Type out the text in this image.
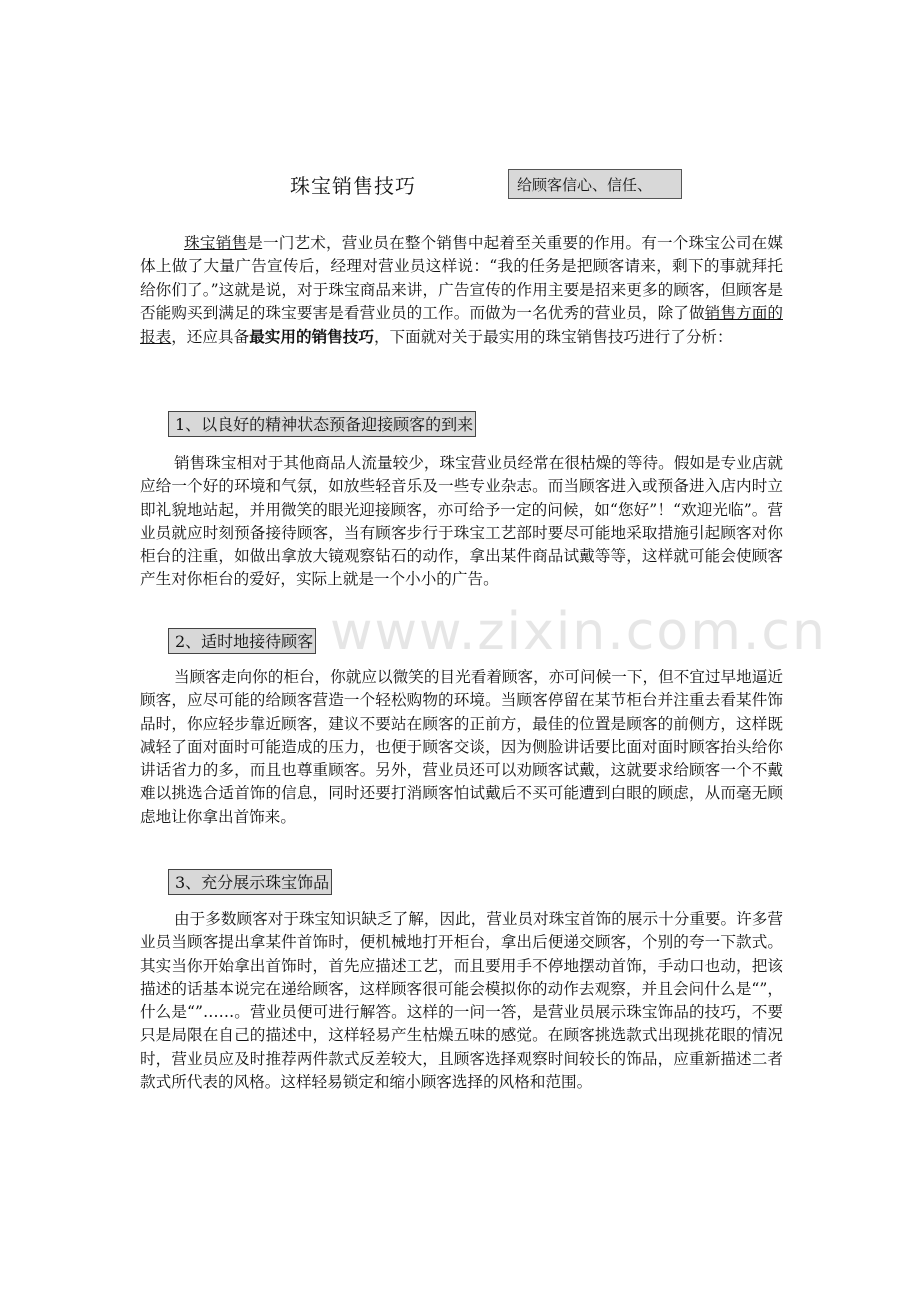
www.zixin.com.cn
珠宝销售技巧	给顾客信心、信任、

珠宝销售是一门艺术，营业员在整个销售中起着至关重要的作用。有一个珠宝公司在媒体上做了大量广告宣传后，经理对营业员这样说：“我的任务是把顾客请来，剩下的事就拜托给你们了。”这就是说，对于珠宝商品来讲，广告宣传的作用主要是招来更多的顾客，但顾客是否能购买到满足的珠宝要害是看营业员的工作。而做为一名优秀的营业员，除了做销售方面的报表，还应具备最实用的销售技巧，下面就对关于最实用的珠宝销售技巧进行了分析：

1、以良好的精神状态预备迎接顾客的到来

销售珠宝相对于其他商品人流量较少，珠宝营业员经常在很枯燥的等待。假如是专业店就应给一个好的环境和气氛，如放些轻音乐及一些专业杂志。而当顾客进入或预备进入店内时立即礼貌地站起，并用微笑的眼光迎接顾客，亦可给予一定的问候，如“您好”！“欢迎光临”。营业员就应时刻预备接待顾客，当有顾客步行于珠宝工艺部时要尽可能地采取措施引起顾客对你柜台的注重，如做出拿放大镜观察钻石的动作，拿出某件商品试戴等等，这样就可能会使顾客产生对你柜台的爱好，实际上就是一个小小的广告。

2、适时地接待顾客

当顾客走向你的柜台，你就应以微笑的目光看着顾客，亦可问候一下，但不宜过早地逼近顾客，应尽可能的给顾客营造一个轻松购物的环境。当顾客停留在某节柜台并注重去看某件饰品时，你应轻步靠近顾客，建议不要站在顾客的正前方，最佳的位置是顾客的前侧方，这样既减轻了面对面时可能造成的压力，也便于顾客交谈，因为侧脸讲话要比面对面时顾客抬头给你讲话省力的多，而且也尊重顾客。另外，营业员还可以劝顾客试戴，这就要求给顾客一个不戴难以挑选合适首饰的信息，同时还要打消顾客怕试戴后不买可能遭到白眼的顾虑，从而毫无顾虑地让你拿出首饰来。

3、充分展示珠宝饰品

由于多数顾客对于珠宝知识缺乏了解，因此，营业员对珠宝首饰的展示十分重要。许多营业员当顾客提出拿某件首饰时，便机械地打开柜台，拿出后便递交顾客，个别的夸一下款式。其实当你开始拿出首饰时，首先应描述工艺，而且要用手不停地摆动首饰，手动口也动，把该描述的话基本说完在递给顾客，这样顾客很可能会模拟你的动作去观察，并且会问什么是“”，什么是“”……。营业员便可进行解答。这样的一问一答，是营业员展示珠宝饰品的技巧，不要只是局限在自己的描述中，这样轻易产生枯燥五味的感觉。在顾客挑选款式出现挑花眼的情况时，营业员应及时推荐两件款式反差较大，且顾客选择观察时间较长的饰品，应重新描述二者款式所代表的风格。这样轻易锁定和缩小顾客选择的风格和范围。
